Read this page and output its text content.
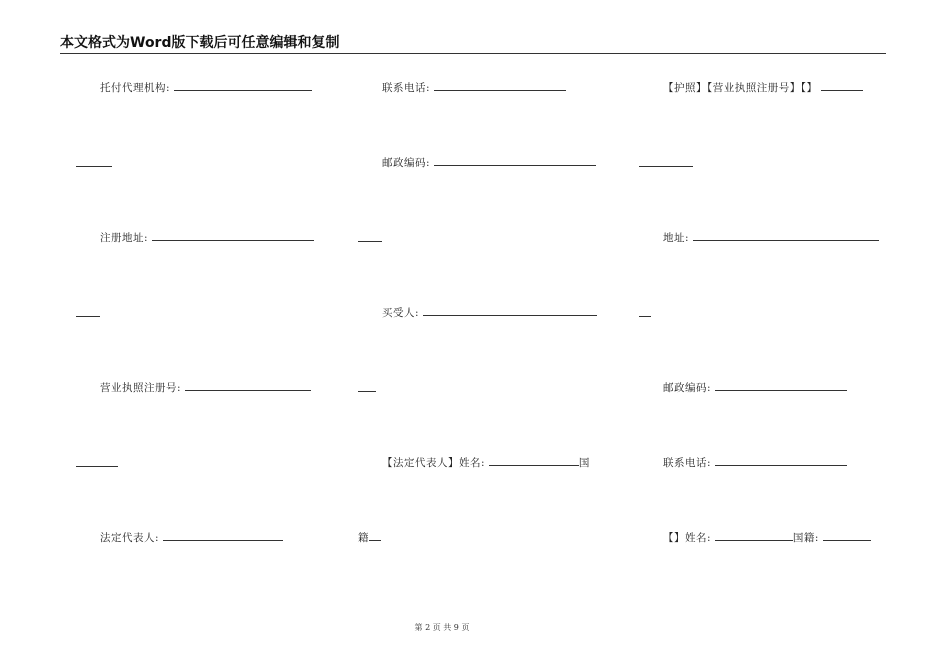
本文格式为Word版下载后可任意编辑和复制
托付代理机构:
注册地址:
营业执照注册号:
法定代表人:
联系电话:
邮政编码:
买受人:
【法定代表人】姓名:	国
籍
【护照】【营业执照注册号】【】
地址:
邮政编码:
联系电话:
【】姓名:	国籍:
第 2 页 共 9 页
